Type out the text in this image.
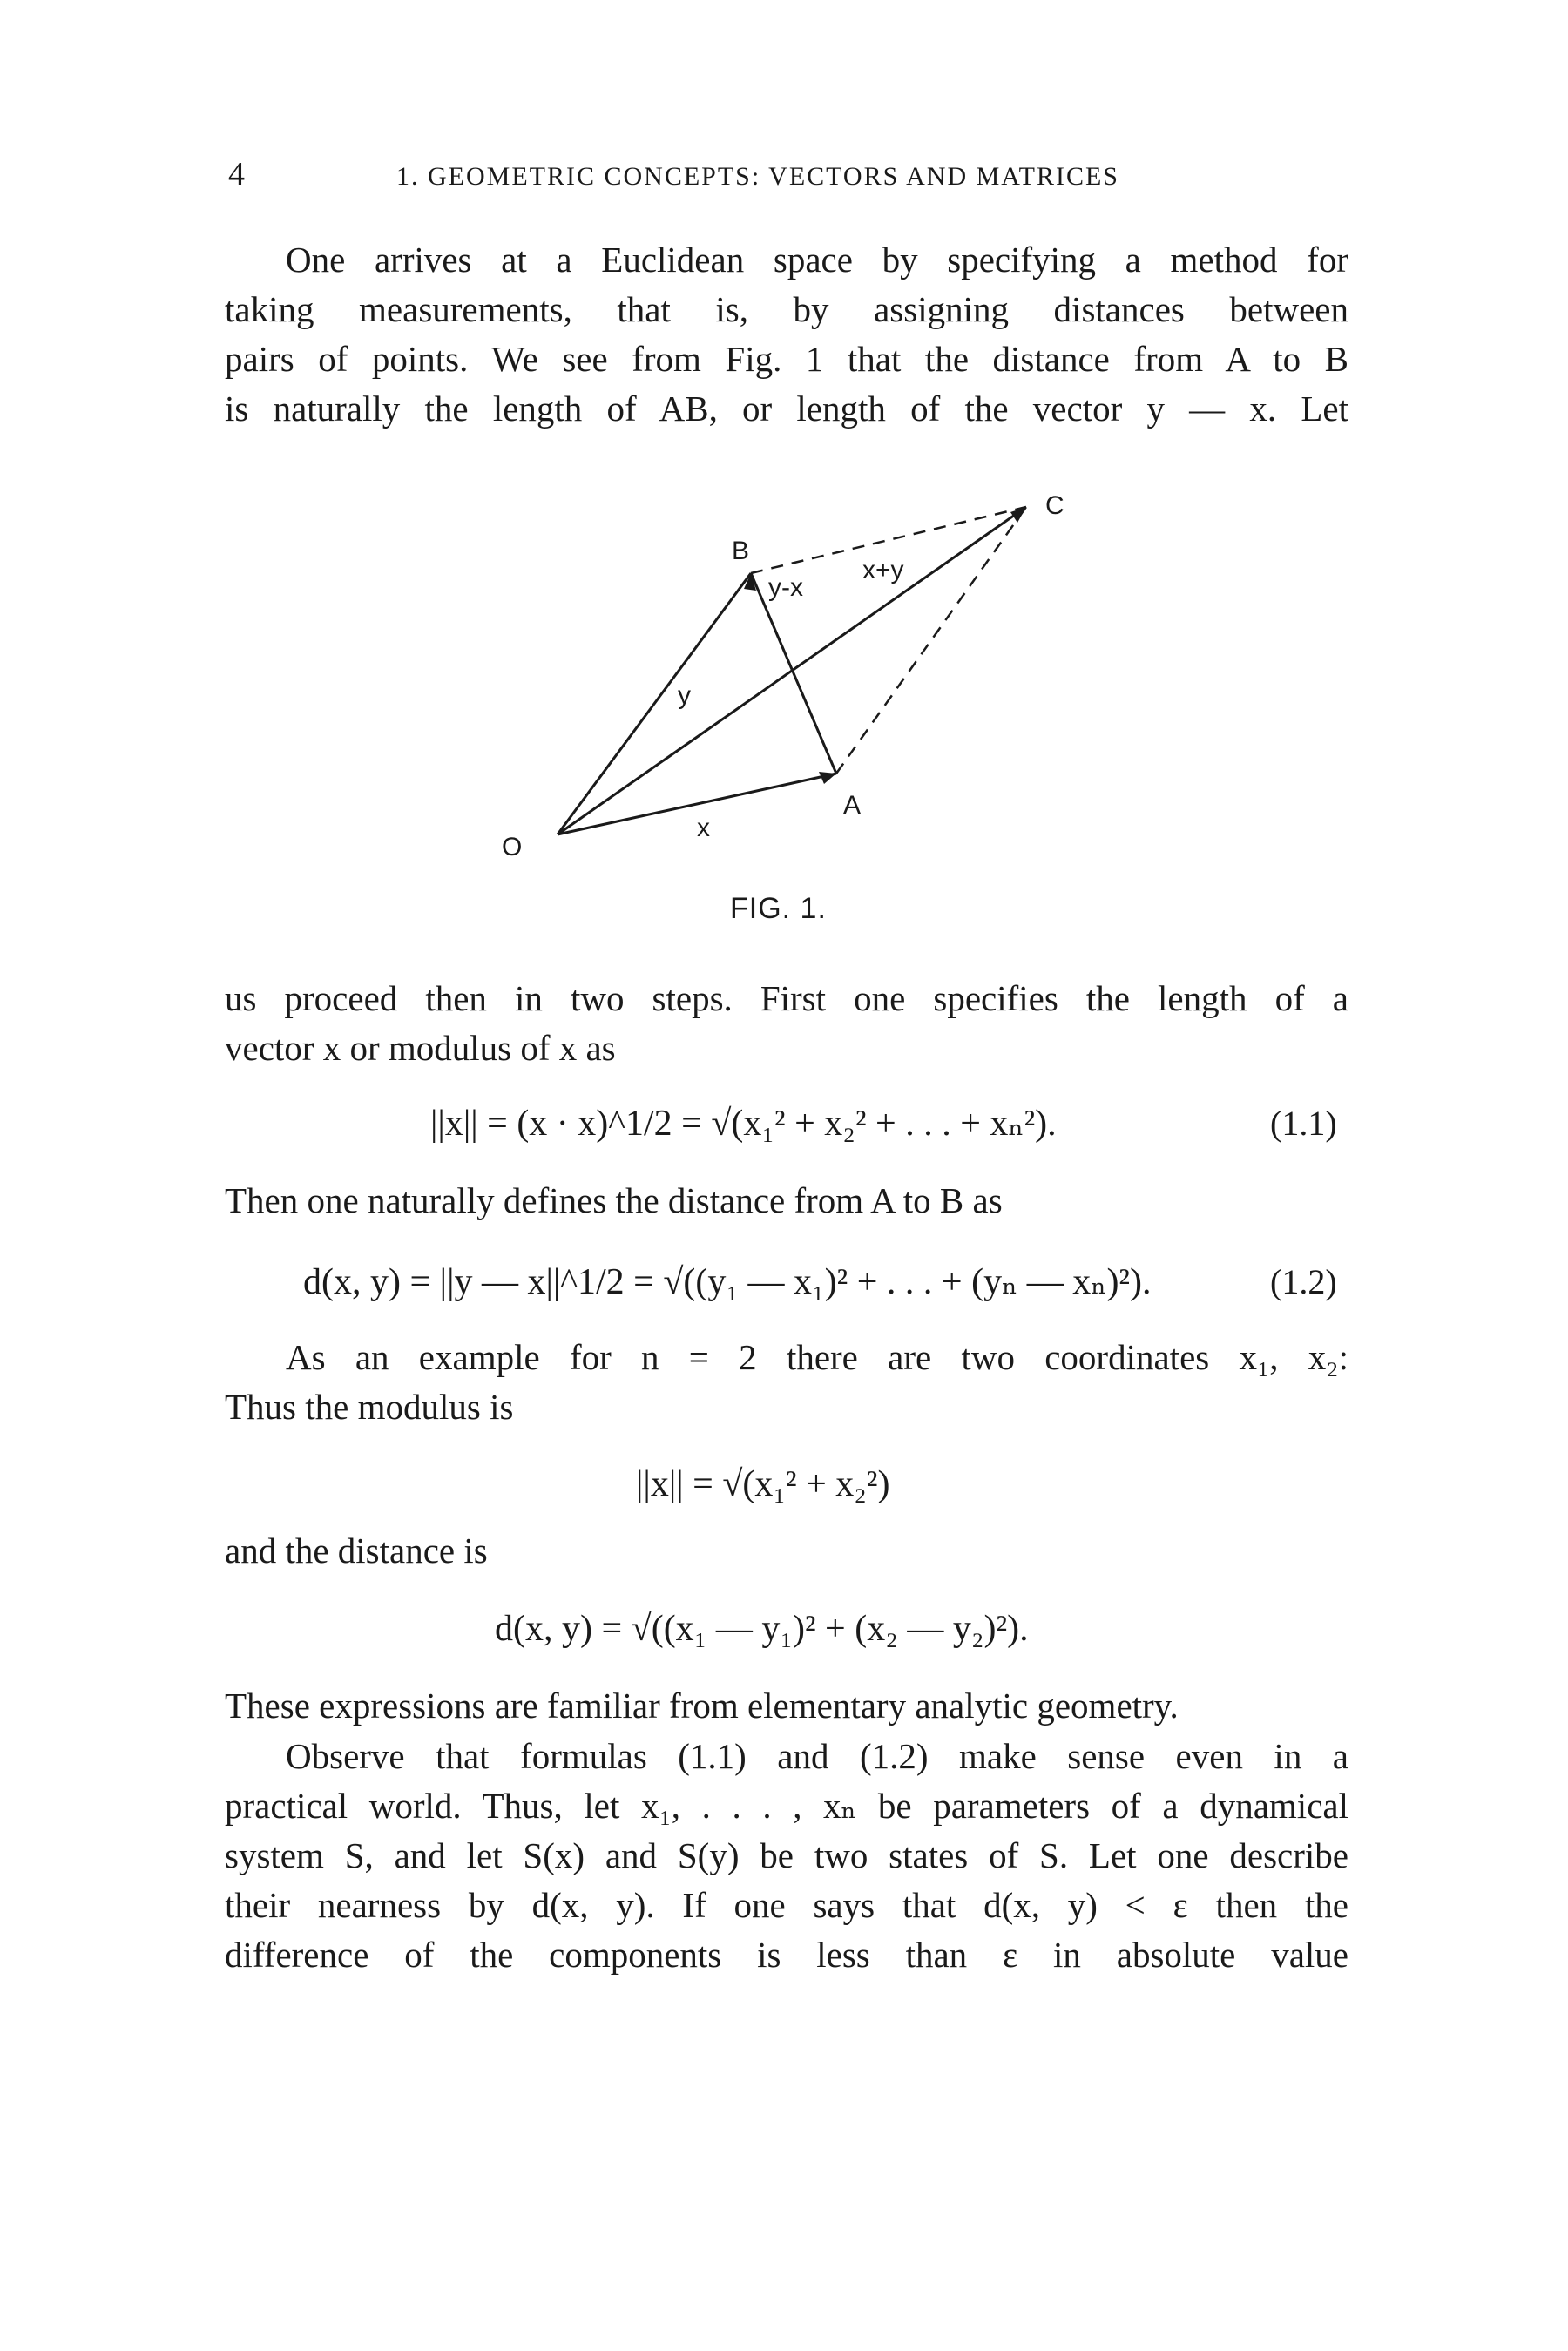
4	1. GEOMETRIC CONCEPTS: VECTORS AND MATRICES
One arrives at a Euclidean space by specifying a method for
taking measurements, that is, by assigning distances between
pairs of points. We see from Fig. 1 that the distance from A to B
is naturally the length of AB, or length of the vector y — x. Let
O
A
B
C
x
y
y-x
x+y
FIG. 1.
us proceed then in two steps. First one specifies the length of a
vector x or modulus of x as
||x|| = (x · x)^1/2 = √(x₁² + x₂² + . . . + xₙ²).	(1.1)
Then one naturally defines the distance from A to B as
d(x, y) = ||y — x||^1/2 = √((y₁ — x₁)² + . . . + (yₙ — xₙ)²).	(1.2)
As an example for n = 2 there are two coordinates x₁, x₂:
Thus the modulus is
||x|| = √(x₁² + x₂²)
and the distance is
d(x, y) = √((x₁ — y₁)² + (x₂ — y₂)²).
These expressions are familiar from elementary analytic geometry.
Observe that formulas (1.1) and (1.2) make sense even in a
practical world. Thus, let x₁, . . . , xₙ be parameters of a dynamical
system S, and let S(x) and S(y) be two states of S. Let one describe
their nearness by d(x, y). If one says that d(x, y) < ε then the
difference of the components is less than ε in absolute value
